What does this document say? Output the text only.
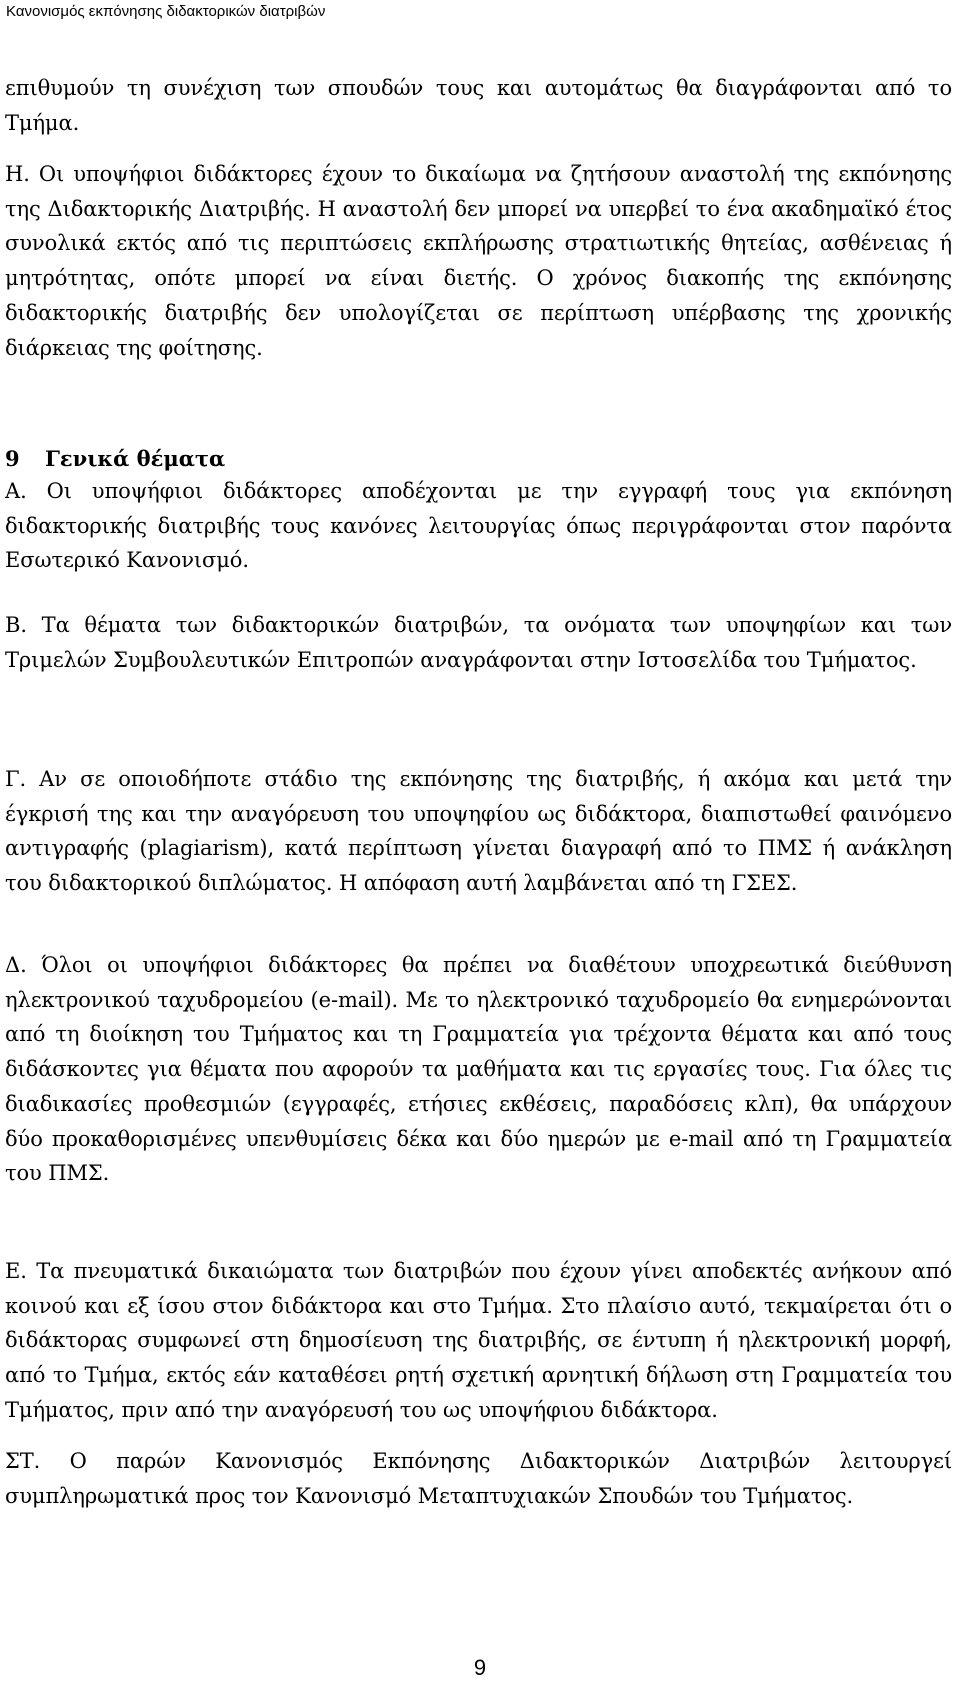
Κανονισμός εκπόνησης διδακτορικών διατριβών

επιθυμούν τη συνέχιση των σπουδών τους και αυτομάτως θα διαγράφονται από το Τμήμα.

Η. Οι υποψήφιοι διδάκτορες έχουν το δικαίωμα να ζητήσουν αναστολή της εκπόνησης της Διδακτορικής Διατριβής. Η αναστολή δεν μπορεί να υπερβεί το ένα ακαδημαϊκό έτος συνολικά εκτός από τις περιπτώσεις εκπλήρωσης στρατιωτικής θητείας, ασθένειας ή μητρότητας, οπότε μπορεί να είναι διετής. Ο χρόνος διακοπής της εκπόνησης διδακτορικής διατριβής δεν υπολογίζεται σε περίπτωση υπέρβασης της χρονικής διάρκειας της φοίτησης.

9 Γενικά θέματα

Α. Οι υποψήφιοι διδάκτορες αποδέχονται με την εγγραφή τους για εκπόνηση διδακτορικής διατριβής τους κανόνες λειτουργίας όπως περιγράφονται στον παρόντα Εσωτερικό Κανονισμό.

Β. Τα θέματα των διδακτορικών διατριβών, τα ονόματα των υποψηφίων και των Τριμελών Συμβουλευτικών Επιτροπών αναγράφονται στην Ιστοσελίδα του Τμήματος.

Γ. Αν σε οποιοδήποτε στάδιο της εκπόνησης της διατριβής, ή ακόμα και μετά την έγκρισή της και την αναγόρευση του υποψηφίου ως διδάκτορα, διαπιστωθεί φαινόμενο αντιγραφής (plagiarism), κατά περίπτωση γίνεται διαγραφή από το ΠΜΣ ή ανάκληση του διδακτορικού διπλώματος. Η απόφαση αυτή λαμβάνεται από τη ΓΣΕΣ.

Δ. Όλοι οι υποψήφιοι διδάκτορες θα πρέπει να διαθέτουν υποχρεωτικά διεύθυνση ηλεκτρονικού ταχυδρομείου (e-mail). Με το ηλεκτρονικό ταχυδρομείο θα ενημερώνονται από τη διοίκηση του Τμήματος και τη Γραμματεία για τρέχοντα θέματα και από τους διδάσκοντες για θέματα που αφορούν τα μαθήματα και τις εργασίες τους. Για όλες τις διαδικασίες προθεσμιών (εγγραφές, ετήσιες εκθέσεις, παραδόσεις κλπ), θα υπάρχουν δύο προκαθορισμένες υπενθυμίσεις δέκα και δύο ημερών με e-mail από τη Γραμματεία του ΠΜΣ.

Ε. Τα πνευματικά δικαιώματα των διατριβών που έχουν γίνει αποδεκτές ανήκουν από κοινού και εξ ίσου στον διδάκτορα και στο Τμήμα. Στο πλαίσιο αυτό, τεκμαίρεται ότι ο διδάκτορας συμφωνεί στη δημοσίευση της διατριβής, σε έντυπη ή ηλεκτρονική μορφή, από το Τμήμα, εκτός εάν καταθέσει ρητή σχετική αρνητική δήλωση στη Γραμματεία του Τμήματος, πριν από την αναγόρευσή του ως υποψήφιου διδάκτορα.

ΣΤ. Ο παρών Κανονισμός Εκπόνησης Διδακτορικών Διατριβών λειτουργεί συμπληρωματικά προς τον Κανονισμό Μεταπτυχιακών Σπουδών του Τμήματος.

9
